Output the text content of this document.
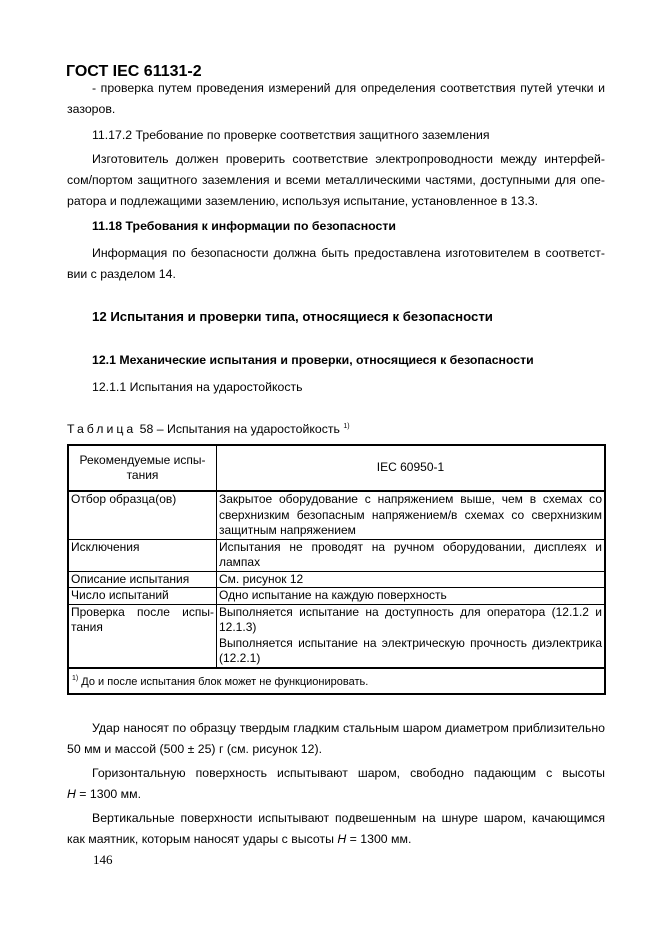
ГОСТ IEC 61131-2
- проверка путем проведения измерений для определения соответствия путей утечки и
зазоров.
11.17.2 Требование по проверке соответствия защитного заземления
Изготовитель должен проверить соответствие электропроводности между интерфей-
сом/портом защитного заземления и всеми металлическими частями, доступными для опе-
ратора и подлежащими заземлению, используя испытание, установленное в 13.3.
11.18 Требования к информации по безопасности
Информация по безопасности должна быть предоставлена изготовителем в соответст-
вии с разделом 14.
12 Испытания и проверки типа, относящиеся к безопасности
12.1 Механические испытания и проверки, относящиеся к безопасности
12.1.1 Испытания на ударостойкость
Таблица 58 – Испытания на ударостойкость $^{1)}$
Рекомендуемые испы-тания	IEC 60950-1
Отбор образца(ов)	Закрытое оборудование с напряжением выше, чем в схемах со сверхнизким безопасным напряжением/в схемах со сверхнизким защитным напряжением
Исключения	Испытания не проводят на ручном оборудовании, дисплеях и лампах
Описание испытания	См. рисунок 12
Число испытаний	Одно испытание на каждую поверхность
Проверка после испы-тания	Выполняется испытание на доступность для оператора (12.1.2 и 12.1.3)
Выполняется испытание на электрическую прочность диэлектрика (12.2.1)

$^{1)}$ До и после испытания блок может не функционировать.	
Удар наносят по образцу твердым гладким стальным шаром диаметром приблизительно
50 мм и массой (500 ± 25) г (см. рисунок 12).
Горизонтальную поверхность испытывают шаром, свободно падающим с высоты
H = 1300 мм.
Вертикальные поверхности испытывают подвешенным на шнуре шаром, качающимся
как маятник, которым наносят удары с высоты H = 1300 мм.
146
